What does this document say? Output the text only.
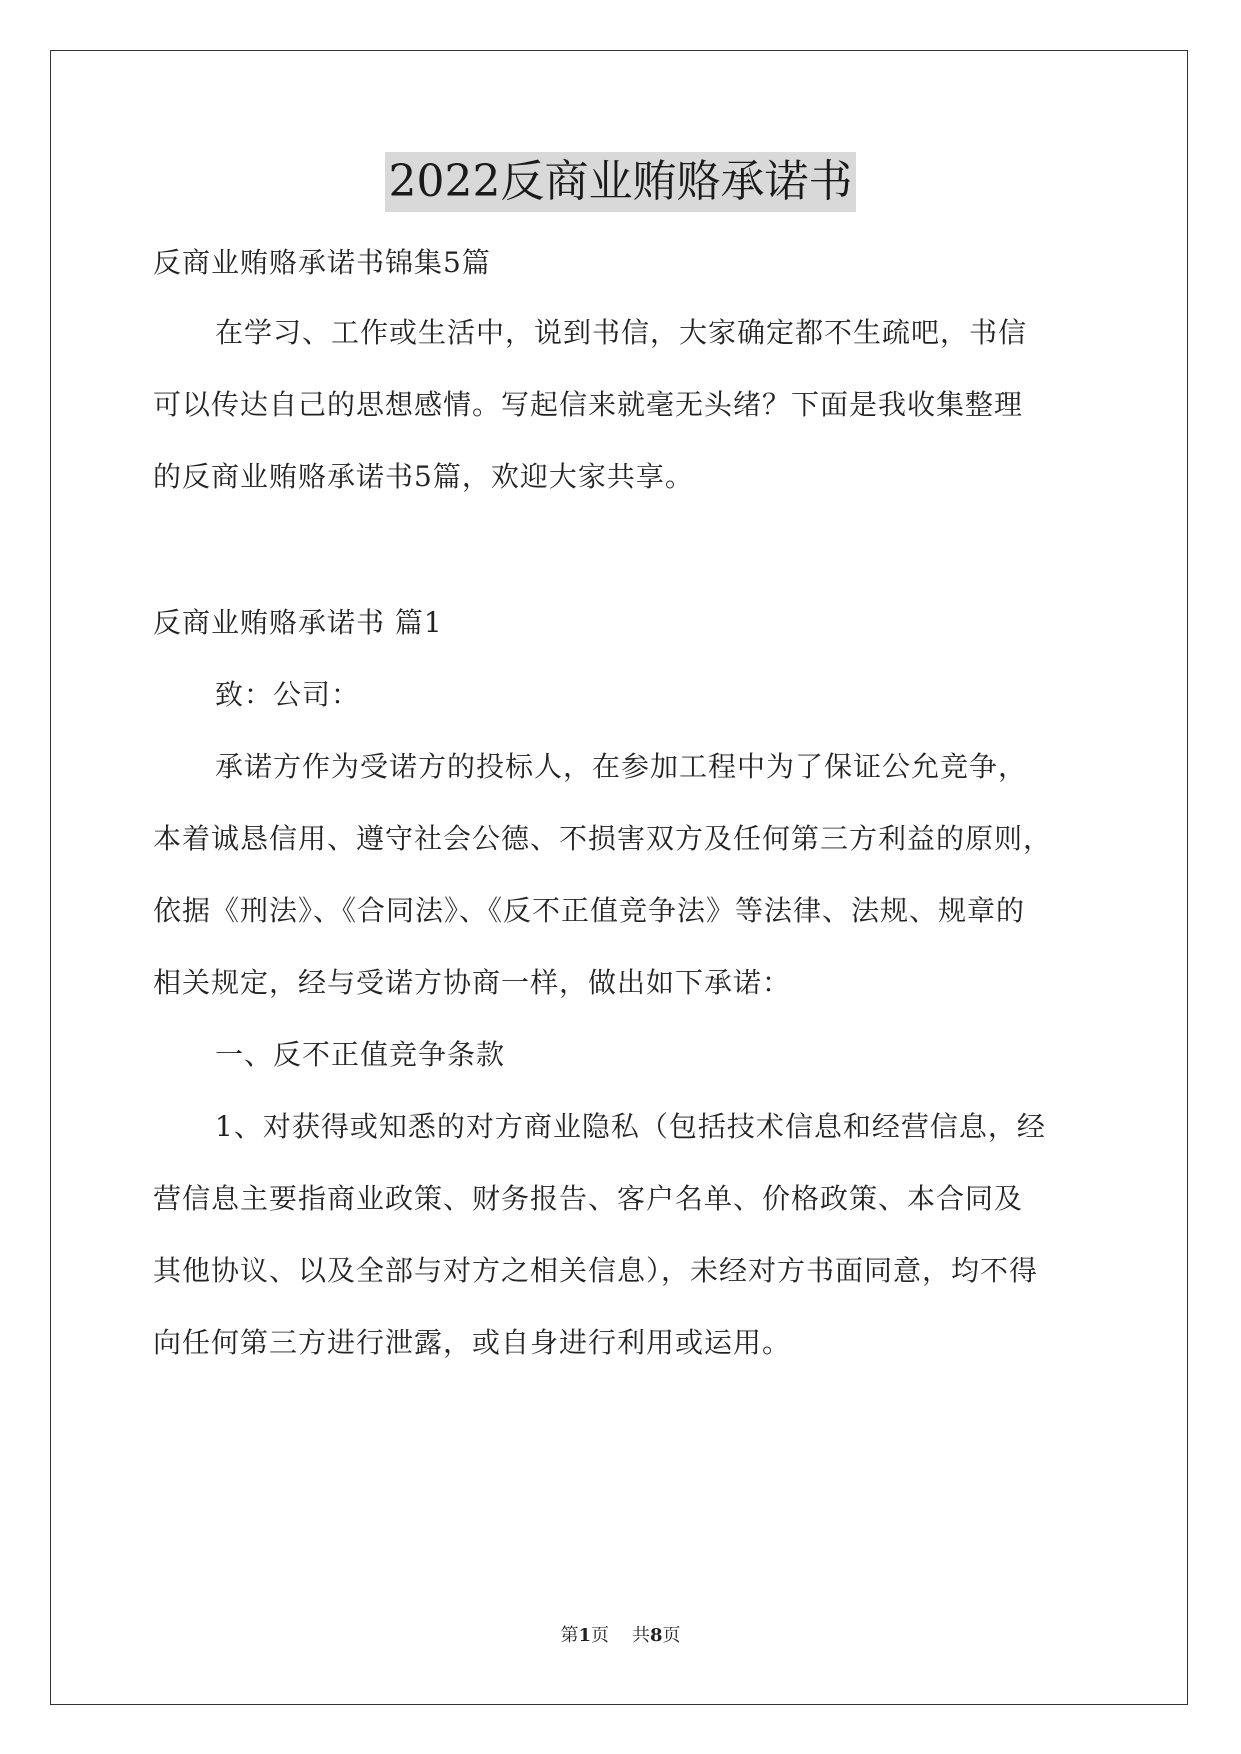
2022反商业贿赂承诺书
反商业贿赂承诺书锦集5篇
在学习、工作或生活中，说到书信，大家确定都不生疏吧，书信
可以传达自己的思想感情。写起信来就毫无头绪？下面是我收集整理
的反商业贿赂承诺书5篇，欢迎大家共享。
反商业贿赂承诺书 篇1
致：公司：
承诺方作为受诺方的投标人，在参加工程中为了保证公允竞争，
本着诚恳信用、遵守社会公德、不损害双方及任何第三方利益的原则，
依据《刑法》、《合同法》、《反不正值竞争法》等法律、法规、规章的
相关规定，经与受诺方协商一样，做出如下承诺：
一、反不正值竞争条款
1、对获得或知悉的对方商业隐私（包括技术信息和经营信息，经
营信息主要指商业政策、财务报告、客户名单、价格政策、本合同及
其他协议、以及全部与对方之相关信息），未经对方书面同意，均不得
向任何第三方进行泄露，或自身进行利用或运用。
第1页 共8页
